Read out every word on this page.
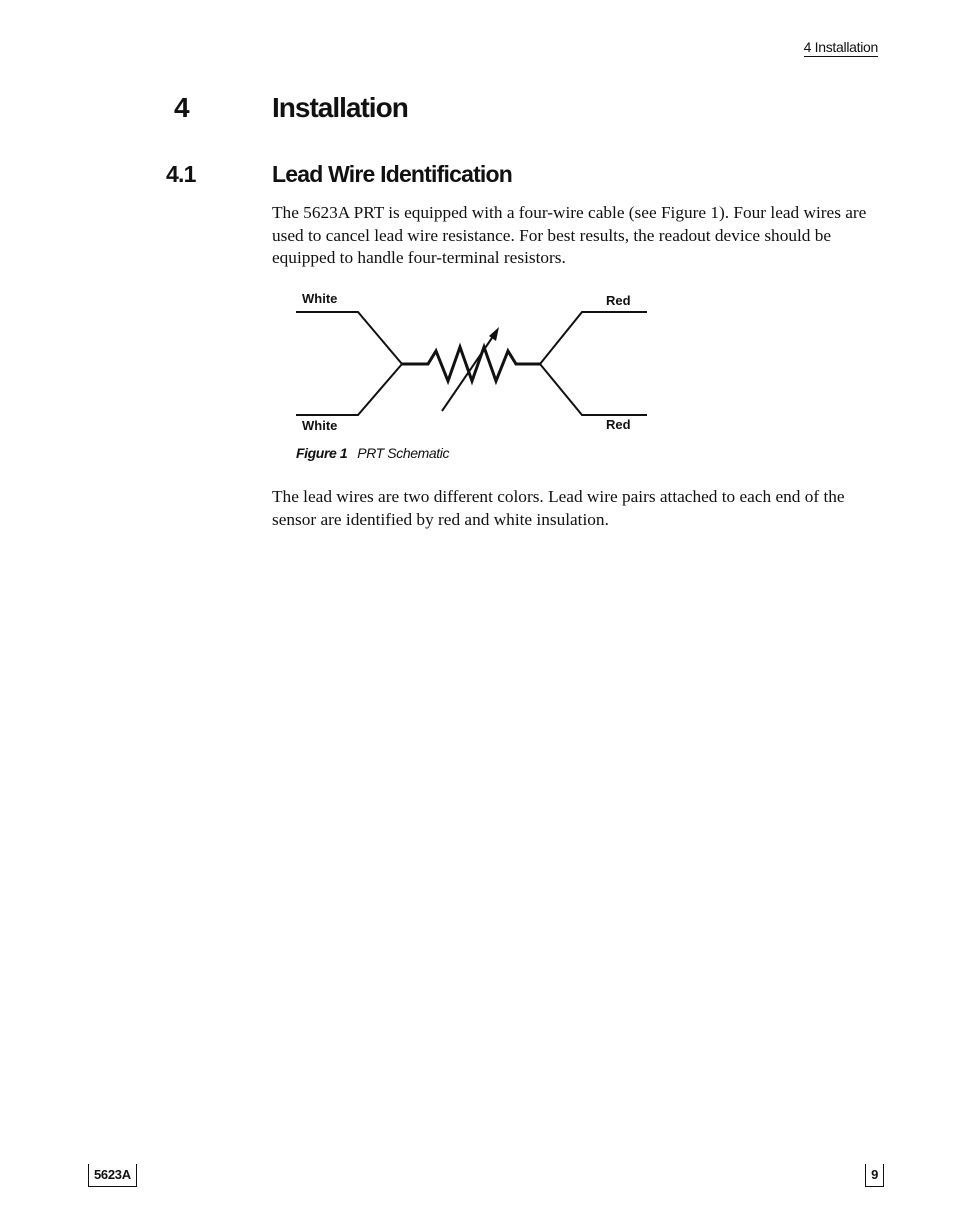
4 Installation
4	Installation
4.1	Lead Wire Identification
The 5623A PRT is equipped with a four-wire cable (see Figure 1). Four lead wires are used to cancel lead wire resistance. For best results, the readout device should be equipped to handle four-terminal resistors.
White
White
Red
Red
Figure 1 PRT Schematic
The lead wires are two different colors. Lead wire pairs attached to each end of the sensor are identified by red and white insulation.
5623A	9
